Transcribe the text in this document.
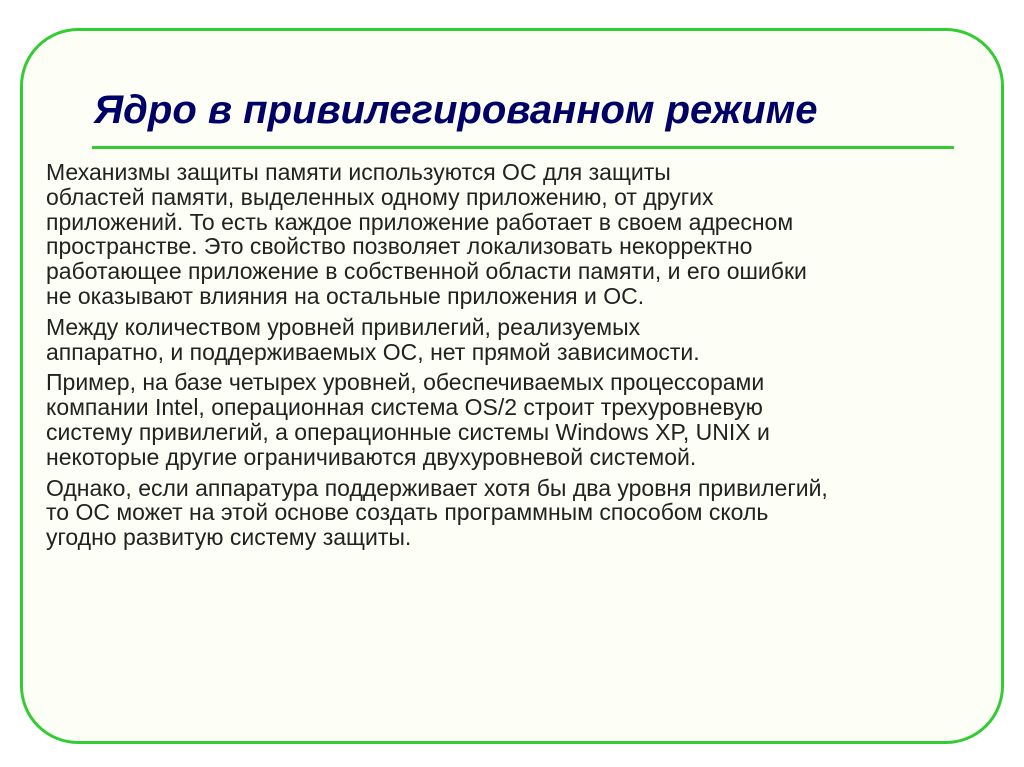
Ядро в привилегированном режиме

Механизмы защиты памяти используются ОС для защиты
областей памяти, выделенных одному приложению, от других
приложений. То есть каждое приложение работает в своем адресном
пространстве. Это свойство позволяет локализовать некорректно
работающее приложение в собственной области памяти, и его ошибки
не оказывают влияния на остальные приложения и ОС.

Между количеством уровней привилегий, реализуемых
аппаратно, и поддерживаемых ОС, нет прямой зависимости.

Пример, на базе четырех уровней, обеспечиваемых процессорами
компании Intel, операционная система OS/2 строит трехуровневую
систему привилегий, а операционные системы Windows XP, UNIX и
некоторые другие ограничиваются двухуровневой системой.

Однако, если аппаратура поддерживает хотя бы два уровня привилегий,
то ОС может на этой основе создать программным способом сколь
угодно развитую систему защиты.
